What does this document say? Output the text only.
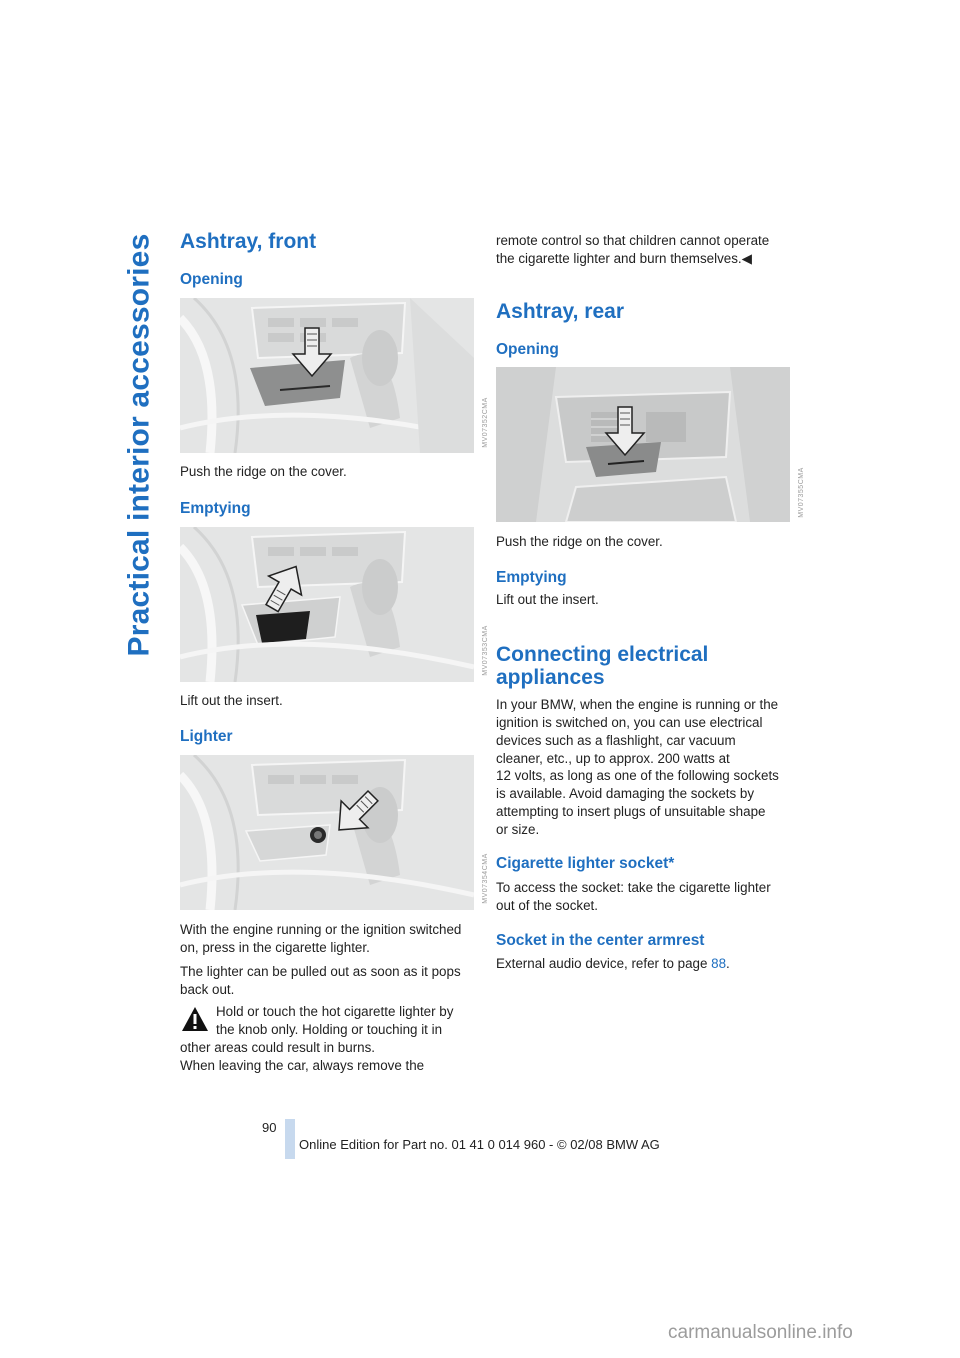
Practical interior accessories Ashtray, front
Opening
MV07352CMA

Push the ridge on the cover.

Emptying
MV07353CMA

Lift out the insert.

Lighter
MV07354CMA

With the engine running or the ignition switched

on, press in the cigarette lighter.

The lighter can be pulled out as soon as it pops

back out.

Hold or touch the hot cigarette lighter by

the knob only. Holding or touching it in

other areas could result in burns.

When leaving the car, always remove the

remote control so that children cannot operate

the cigarette lighter and burn themselves.◀

Ashtray, rear
Opening
MV07355CMA

Push the ridge on the cover.

Emptying

Lift out the insert.

Connecting electrical
appliances

In your BMW, when the engine is running or the

ignition is switched on, you can use electrical

devices such as a flashlight, car vacuum

cleaner, etc., up to approx. 200 watts at

12 volts, as long as one of the following sockets

is available. Avoid damaging the sockets by

attempting to insert plugs of unsuitable shape

or size.

Cigarette lighter socket*

To access the socket: take the cigarette lighter

out of the socket.

Socket in the center armrest

External audio device, refer to page 88.

90
Online Edition for Part no. 01 41 0 014 960 - © 02/08 BMW AG
carmanualsonline.info
